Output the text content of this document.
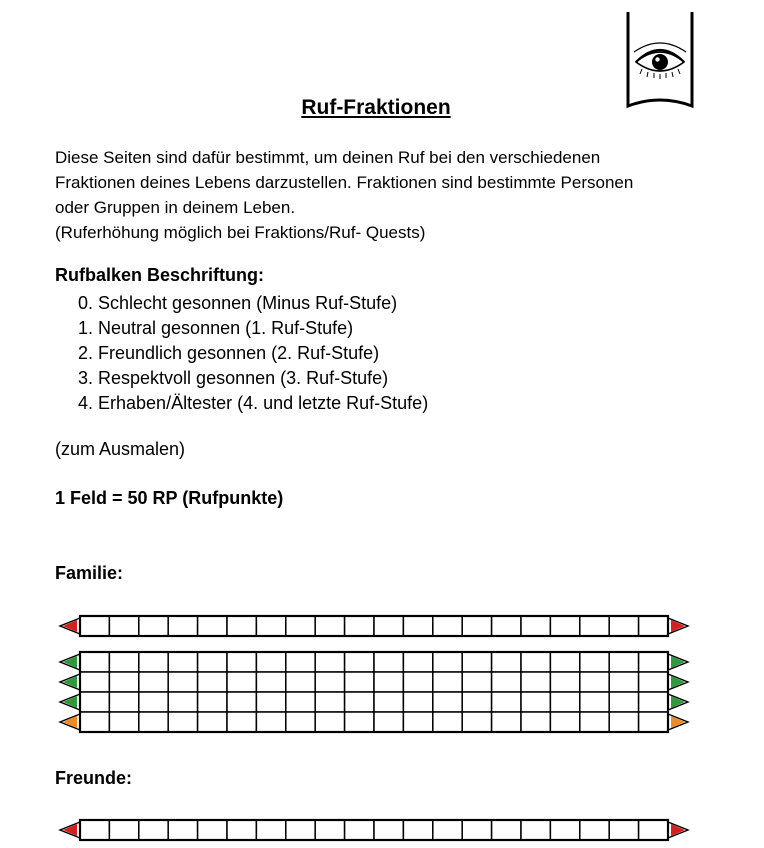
Ruf-Fraktionen
Diese Seiten sind dafür bestimmt, um deinen Ruf bei den verschiedenen
Fraktionen deines Lebens darzustellen. Fraktionen sind bestimmte Personen
oder Gruppen in deinem Leben.
(Ruferhöhung möglich bei Fraktions/Ruf- Quests)
Rufbalken Beschriftung:
0. Schlecht gesonnen (Minus Ruf-Stufe)
1. Neutral gesonnen (1. Ruf-Stufe)
2. Freundlich gesonnen (2. Ruf-Stufe)
3. Respektvoll gesonnen (3. Ruf-Stufe)
4. Erhaben/Ältester (4. und letzte Ruf-Stufe)
(zum Ausmalen)
1 Feld = 50 RP (Rufpunkte)
Familie:
Freunde:
